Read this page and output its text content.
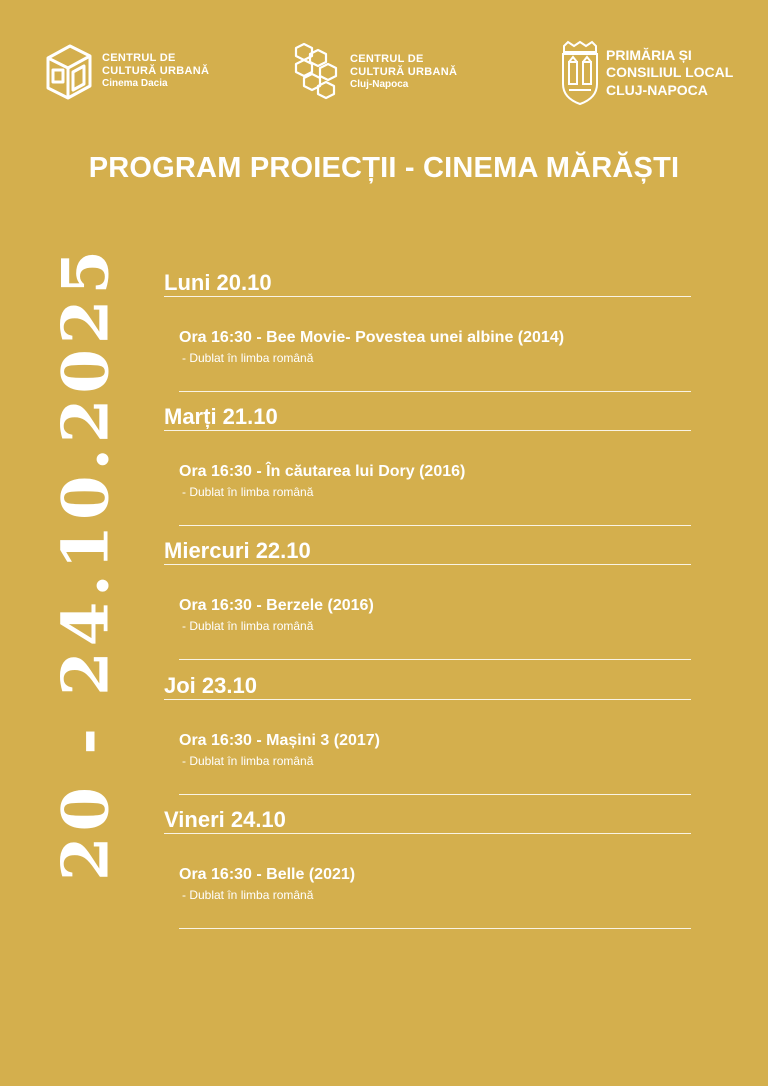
CENTRUL DE
CULTURĂ URBANĂ
Cinema Dacia
CENTRUL DE
CULTURĂ URBANĂ
Cluj-Napoca
PRIMĂRIA ȘI
CONSILIUL LOCAL
CLUJ-NAPOCA
PROGRAM PROIECȚII - CINEMA MĂRĂȘTI
20 - 24.10.2025 Luni 20.10
Ora 16:30 - Bee Movie- Povestea unei albine (2014)
- Dublat în limba română
Marți 21.10
Ora 16:30 - În căutarea lui Dory (2016)
- Dublat în limba română
Miercuri 22.10
Ora 16:30 - Berzele (2016)
- Dublat în limba română
Joi 23.10
Ora 16:30 - Mașini 3 (2017)
- Dublat în limba română
Vineri 24.10
Ora 16:30 - Belle (2021)
- Dublat în limba română
